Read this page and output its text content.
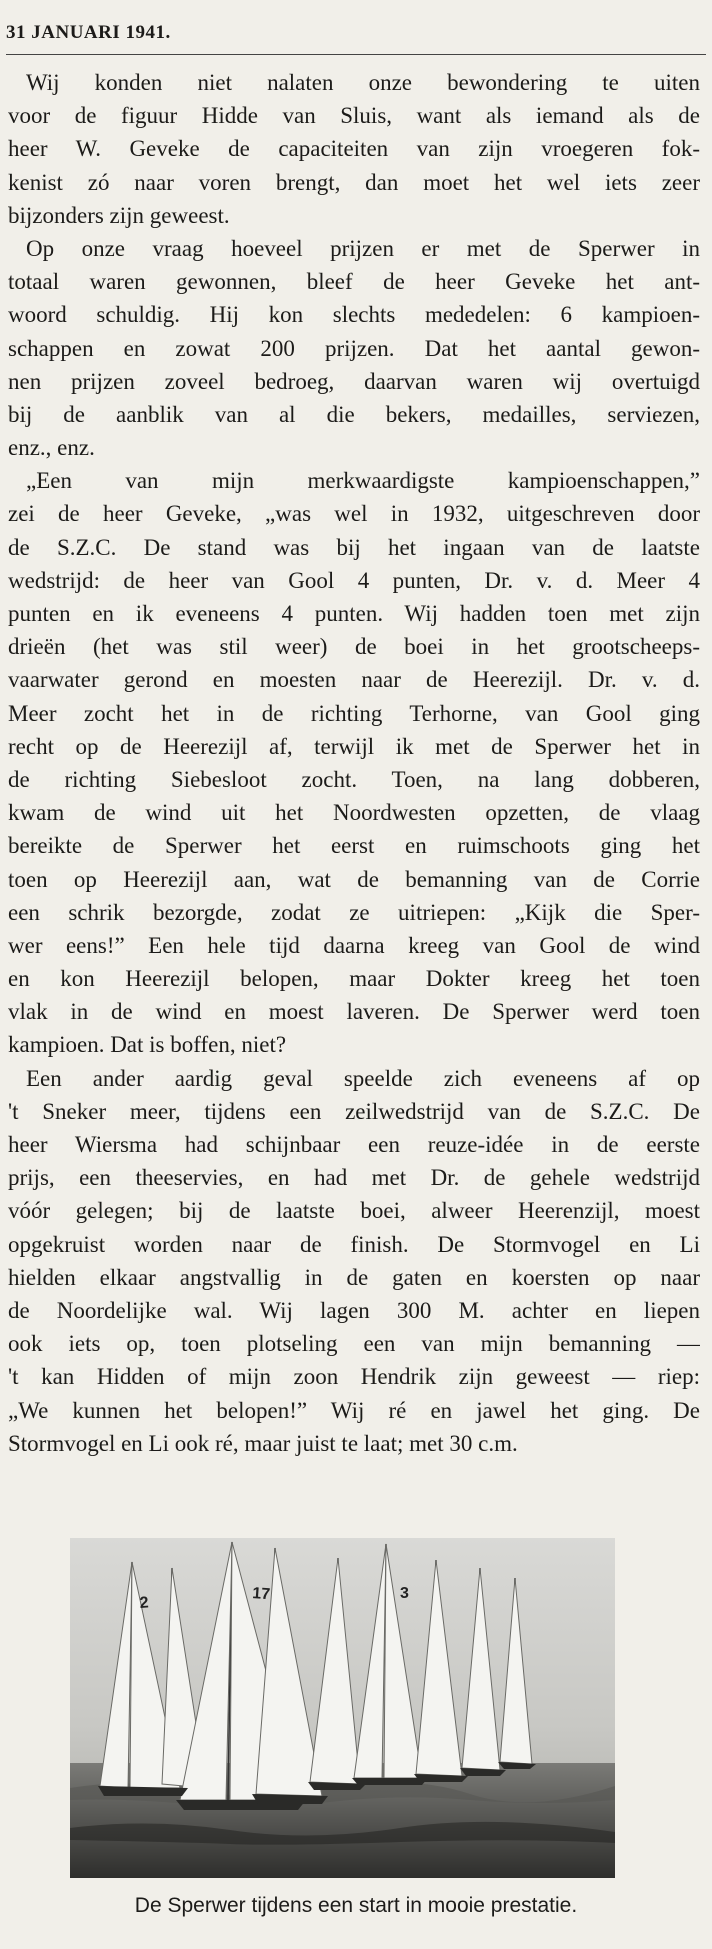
31 JANUARI 1941.
Wij konden niet nalaten onze bewondering te uiten
voor de figuur Hidde van Sluis, want als iemand als de
heer W. Geveke de capaciteiten van zijn vroegeren fok-
kenist zó naar voren brengt, dan moet het wel iets zeer
bijzonders zijn geweest.
Op onze vraag hoeveel prijzen er met de Sperwer in
totaal waren gewonnen, bleef de heer Geveke het ant-
woord schuldig. Hij kon slechts mededelen: 6 kampioen-
schappen en zowat 200 prijzen. Dat het aantal gewon-
nen prijzen zoveel bedroeg, daarvan waren wij overtuigd
bij de aanblik van al die bekers, medailles, serviezen,
enz., enz.
„Een van mijn merkwaardigste kampioenschappen,”
zei de heer Geveke, „was wel in 1932, uitgeschreven door
de S.Z.C. De stand was bij het ingaan van de laatste
wedstrijd: de heer van Gool 4 punten, Dr. v. d. Meer 4
punten en ik eveneens 4 punten. Wij hadden toen met zijn
drieën (het was stil weer) de boei in het grootscheeps-
vaarwater gerond en moesten naar de Heerezijl. Dr. v. d.
Meer zocht het in de richting Terhorne, van Gool ging
recht op de Heerezijl af, terwijl ik met de Sperwer het in
de richting Siebesloot zocht. Toen, na lang dobberen,
kwam de wind uit het Noordwesten opzetten, de vlaag
bereikte de Sperwer het eerst en ruimschoots ging het
toen op Heerezijl aan, wat de bemanning van de Corrie
een schrik bezorgde, zodat ze uitriepen: „Kijk die Sper-
wer eens!” Een hele tijd daarna kreeg van Gool de wind
en kon Heerezijl belopen, maar Dokter kreeg het toen
vlak in de wind en moest laveren. De Sperwer werd toen
kampioen. Dat is boffen, niet?
Een ander aardig geval speelde zich eveneens af op
't Sneker meer, tijdens een zeilwedstrijd van de S.Z.C. De
heer Wiersma had schijnbaar een reuze-idée in de eerste
prijs, een theeservies, en had met Dr. de gehele wedstrijd
vóór gelegen; bij de laatste boei, alweer Heerenzijl, moest
opgekruist worden naar de finish. De Stormvogel en Li
hielden elkaar angstvallig in de gaten en koersten op naar
de Noordelijke wal. Wij lagen 300 M. achter en liepen
ook iets op, toen plotseling een van mijn bemanning —
't kan Hidden of mijn zoon Hendrik zijn geweest — riep:
„We kunnen het belopen!” Wij ré en jawel het ging. De
Stormvogel en Li ook ré, maar juist te laat; met 30 c.m.
2	17	3
De Sperwer tijdens een start in mooie prestatie.
